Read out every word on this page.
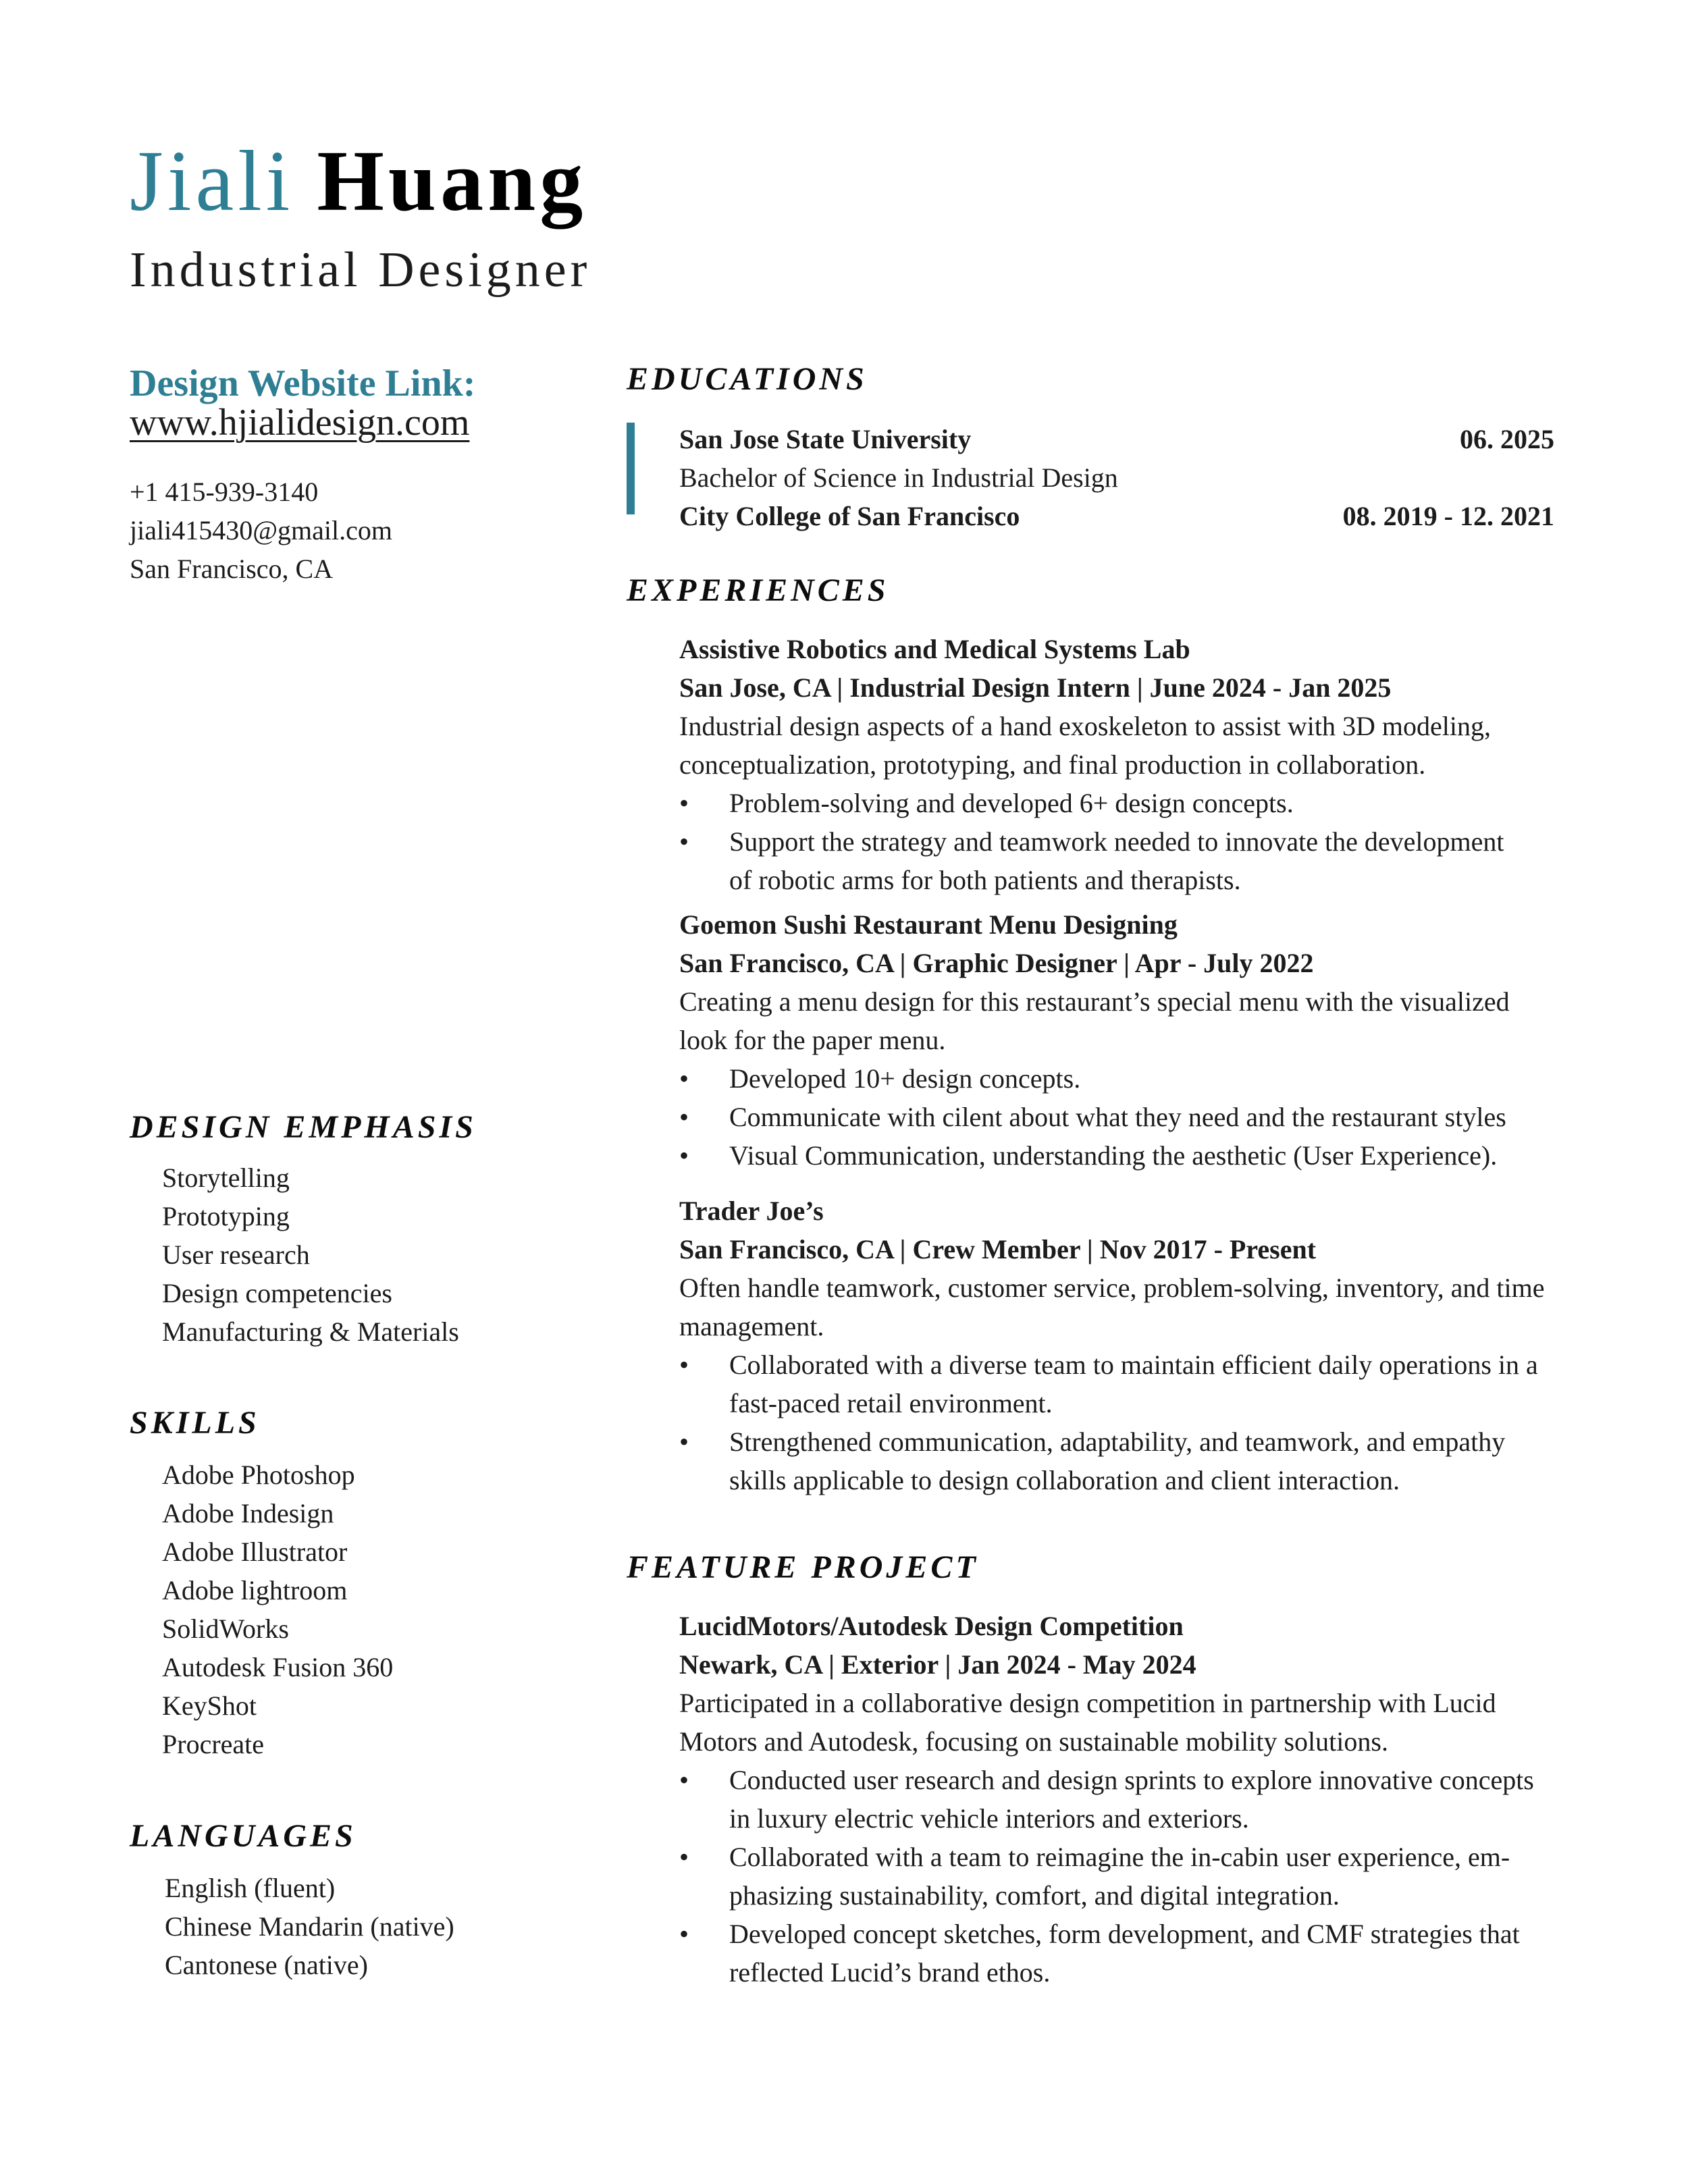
Jiali Huang
Industrial Designer
Design Website Link:
www.hjialidesign.com
+1 415-939-3140
jiali415430@gmail.com
San Francisco, CA
DESIGN EMPHASIS
Storytelling
Prototyping
User research
Design competencies
Manufacturing & Materials
SKILLS
Adobe Photoshop
Adobe Indesign
Adobe Illustrator
Adobe lightroom
SolidWorks
Autodesk Fusion 360
KeyShot
Procreate
LANGUAGES
English (fluent)
Chinese Mandarin (native)
Cantonese (native)
EDUCATIONS
San Jose State University	06. 2025
Bachelor of Science in Industrial Design
City College of San Francisco	08. 2019 - 12. 2021
EXPERIENCES
Assistive Robotics and Medical Systems Lab
San Jose, CA | Industrial Design Intern | June 2024 - Jan 2025
Industrial design aspects of a hand exoskeleton to assist with 3D modeling,
conceptualization, prototyping, and final production in collaboration.
• Problem-solving and developed 6+ design concepts.
• Support the strategy and teamwork needed to innovate the development
of robotic arms for both patients and therapists.
Goemon Sushi Restaurant Menu Designing
San Francisco, CA | Graphic Designer | Apr - July 2022
Creating a menu design for this restaurant’s special menu with the visualized
look for the paper menu.
• Developed 10+ design concepts.
• Communicate with cilent about what they need and the restaurant styles
• Visual Communication, understanding the aesthetic (User Experience).
Trader Joe’s
San Francisco, CA | Crew Member | Nov 2017 - Present
Often handle teamwork, customer service, problem-solving, inventory, and time
management.
• Collaborated with a diverse team to maintain efficient daily operations in a
fast-paced retail environment.
• Strengthened communication, adaptability, and teamwork, and empathy
skills applicable to design collaboration and client interaction.
FEATURE PROJECT
LucidMotors/Autodesk Design Competition
Newark, CA | Exterior | Jan 2024 - May 2024
Participated in a collaborative design competition in partnership with Lucid
Motors and Autodesk, focusing on sustainable mobility solutions.
• Conducted user research and design sprints to explore innovative concepts
in luxury electric vehicle interiors and exteriors.
• Collaborated with a team to reimagine the in-cabin user experience, em-
phasizing sustainability, comfort, and digital integration.
• Developed concept sketches, form development, and CMF strategies that
reflected Lucid’s brand ethos.
